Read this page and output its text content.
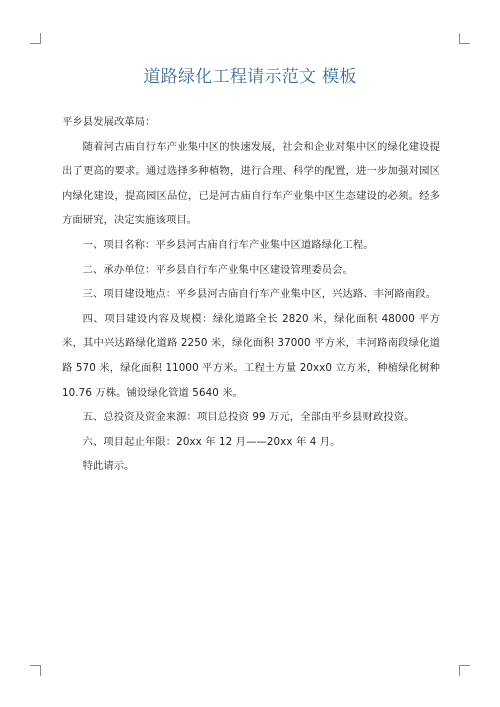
道路绿化工程请示范文 模板

平乡县发展改革局：

随着河古庙自行车产业集中区的快速发展，社会和企业对集中区的绿化建设提出了更高的要求。通过选择多种植物，进行合理、科学的配置，进一步加强对园区内绿化建设，提高园区品位，已是河古庙自行车产业集中区生态建设的必须。经多方面研究，决定实施该项目。

一、项目名称：平乡县河古庙自行车产业集中区道路绿化工程。

二、承办单位：平乡县自行车产业集中区建设管理委员会。

三、项目建设地点：平乡县河古庙自行车产业集中区，兴达路、丰河路南段。

四、项目建设内容及规模：绿化道路全长 2820 米，绿化面积 48000 平方米，其中兴达路绿化道路 2250 米，绿化面积 37000 平方米，丰河路南段绿化道路 570 米，绿化面积 11000 平方米。工程土方量 20xx0 立方米，种植绿化树种 10.76 万株。铺设绿化管道 5640 米。

五、总投资及资金来源：项目总投资 99 万元，全部由平乡县财政投资。

六、项目起止年限：20xx 年 12 月——20xx 年 4 月。

特此请示。
